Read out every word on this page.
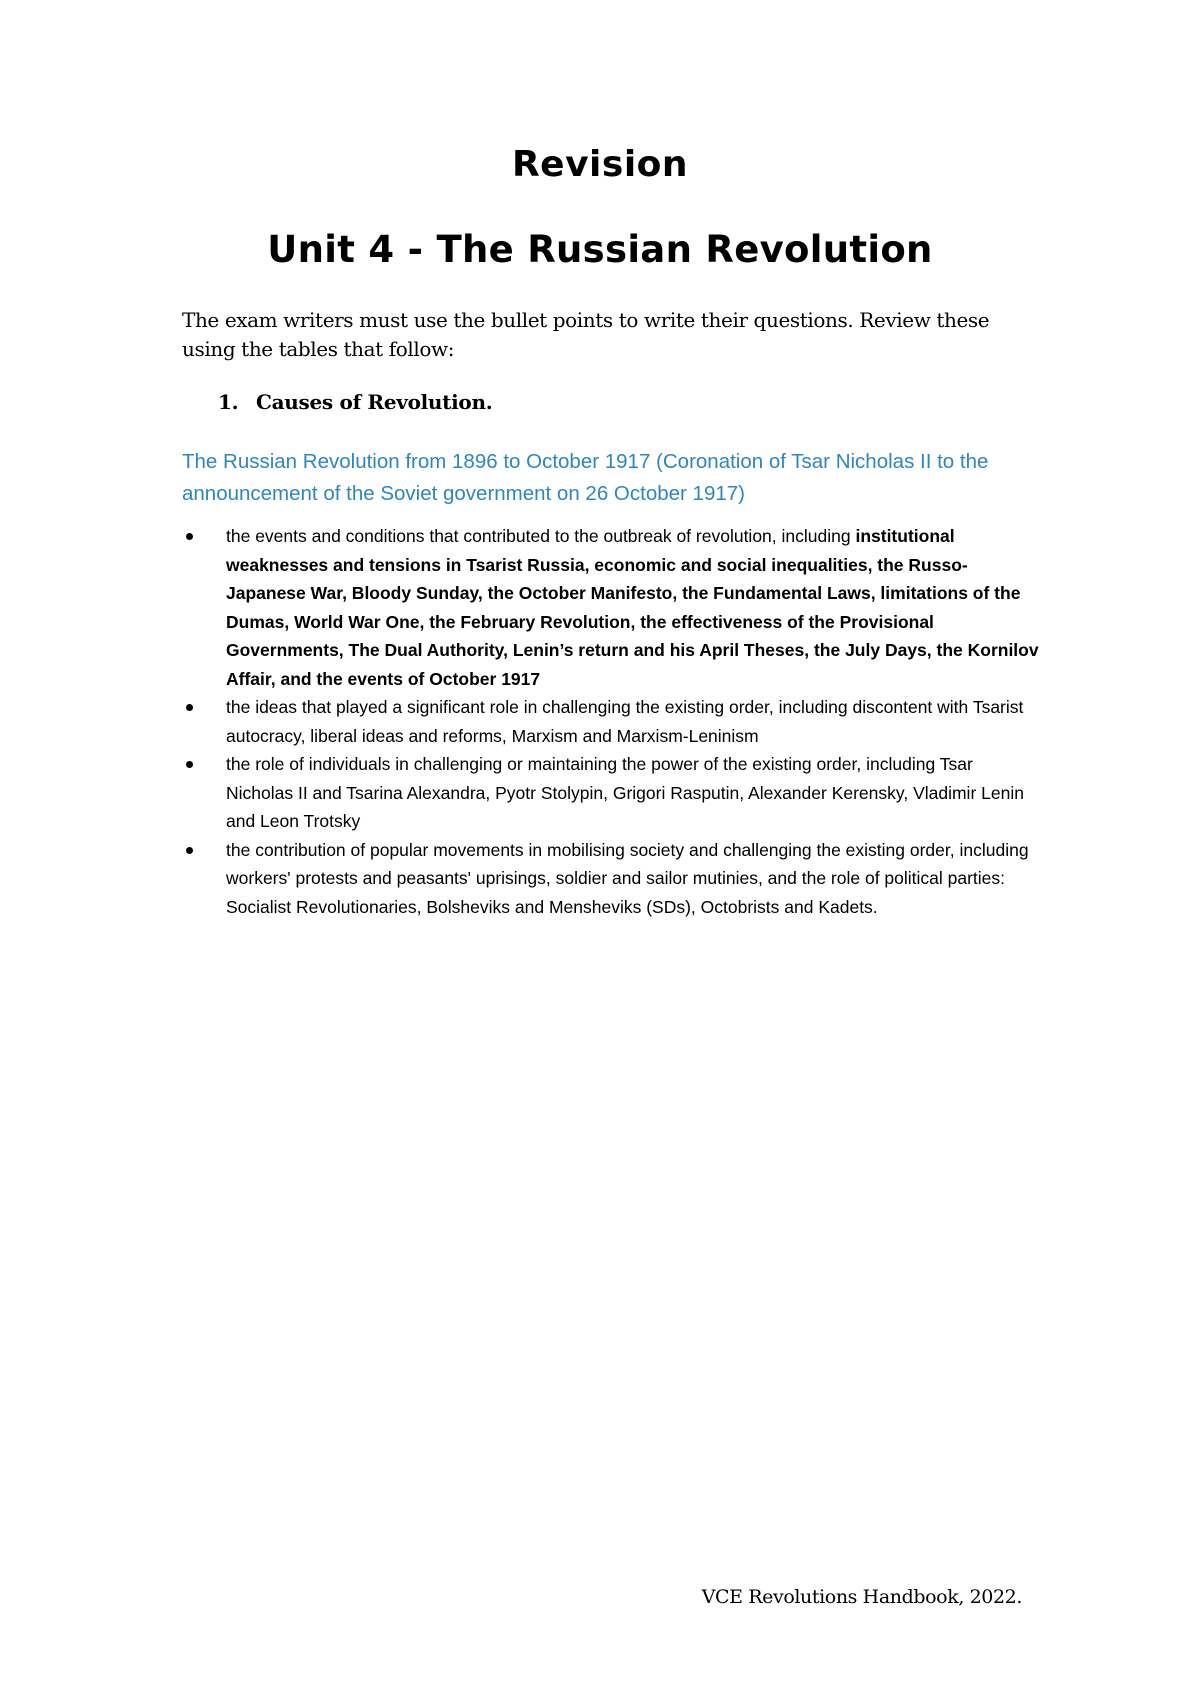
Revision
Unit 4 - The Russian Revolution

The exam writers must use the bullet points to write their questions. Review these using the tables that follow:

1. Causes of Revolution.

The Russian Revolution from 1896 to October 1917 (Coronation of Tsar Nicholas II to the announcement of the Soviet government on 26 October 1917)

the events and conditions that contributed to the outbreak of revolution, including institutional weaknesses and tensions in Tsarist Russia, economic and social inequalities, the Russo-Japanese War, Bloody Sunday, the October Manifesto, the Fundamental Laws, limitations of the Dumas, World War One, the February Revolution, the effectiveness of the Provisional Governments, The Dual Authority, Lenin’s return and his April Theses, the July Days, the Kornilov Affair, and the events of October 1917
the ideas that played a significant role in challenging the existing order, including discontent with Tsarist autocracy, liberal ideas and reforms, Marxism and Marxism-Leninism
the role of individuals in challenging or maintaining the power of the existing order, including Tsar Nicholas II and Tsarina Alexandra, Pyotr Stolypin, Grigori Rasputin, Alexander Kerensky, Vladimir Lenin and Leon Trotsky
the contribution of popular movements in mobilising society and challenging the existing order, including workers' protests and peasants' uprisings, soldier and sailor mutinies, and the role of political parties: Socialist Revolutionaries, Bolsheviks and Mensheviks (SDs), Octobrists and Kadets.

VCE Revolutions Handbook, 2022.
